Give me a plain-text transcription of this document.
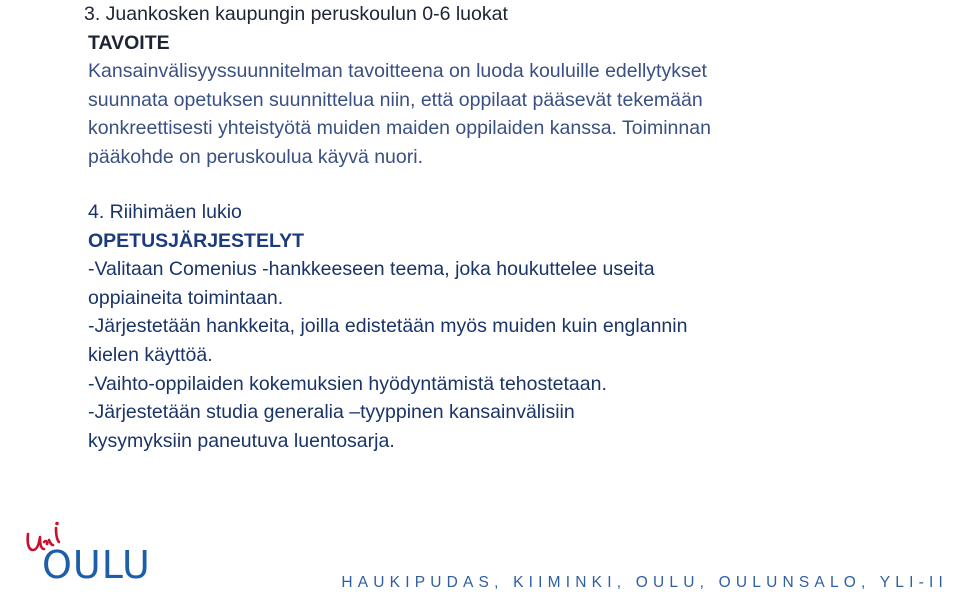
3. Juankosken kaupungin peruskoulun 0-6 luokat
TAVOITE
Kansainvälisyyssuunnitelman tavoitteena on luoda kouluille edellytykset
suunnata opetuksen suunnittelua niin, että oppilaat pääsevät tekemään
konkreettisesti yhteistyötä muiden maiden oppilaiden kanssa. Toiminnan
pääkohde on peruskoulua käyvä nuori.
4. Riihimäen lukio
OPETUSJÄRJESTELYT
-Valitaan Comenius -hankkeeseen teema, joka houkuttelee useita
oppiaineita toimintaan.
-Järjestetään hankkeita, joilla edistetään myös muiden kuin englannin
kielen käyttöä.
-Vaihto-oppilaiden kokemuksien hyödyntämistä tehostetaan.
-Järjestetään studia generalia –tyyppinen kansainvälisiin
kysymyksiin paneutuva luentosarja.
OULU	HAUKIPUDAS, KIIMINKI, OULU, OULUNSALO, YLI-II
